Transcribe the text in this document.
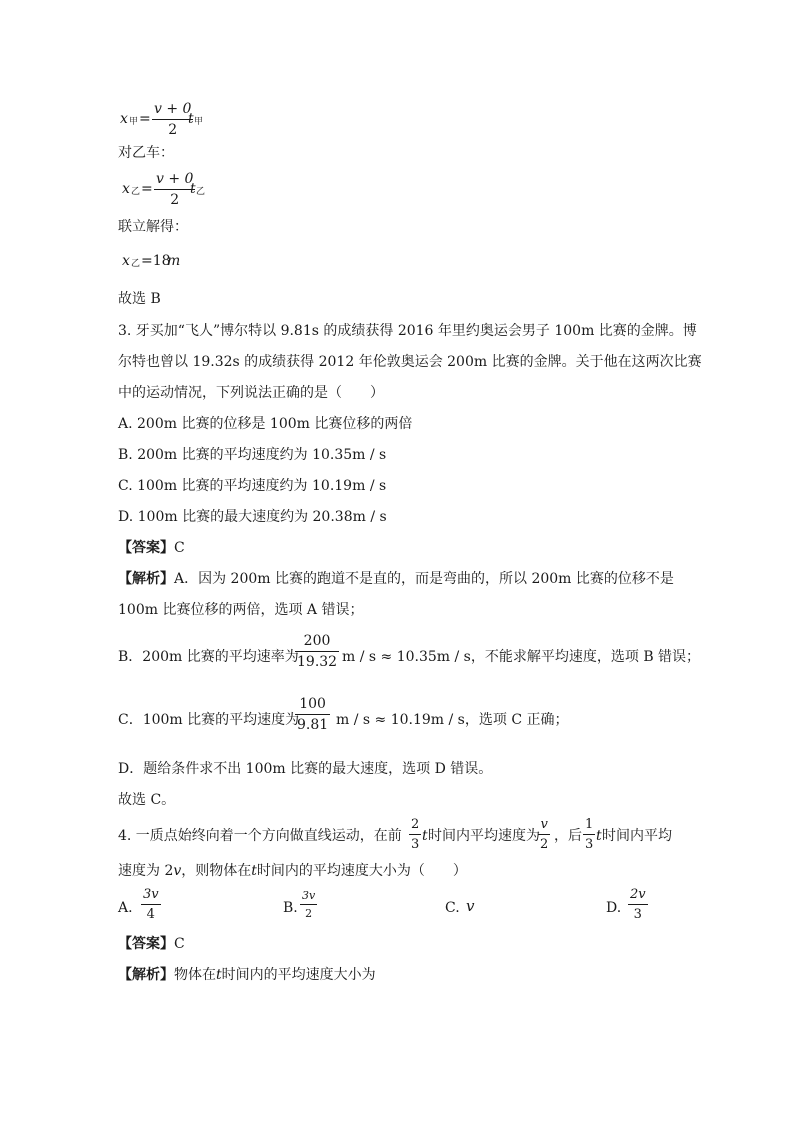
x 甲 =
v + 0
2
t 甲
对乙车：
x 乙 =
v + 0
2
t 乙
联立解得：
x 乙 =18
m
故选 B
3. 牙买加“飞人”博尔特以 9.81s 的成绩获得 2016 年里约奥运会男子 100m 比赛的金牌。博
尔特也曾以 19.32s 的成绩获得 2012 年伦敦奥运会 200m 比赛的金牌。关于他在这两次比赛
中的运动情况，下列说法正确的是（　　）
A. 200m 比赛的位移是 100m 比赛位移的两倍
B. 200m 比赛的平均速度约为 10.35m / s
C. 100m 比赛的平均速度约为 10.19m / s
D. 100m 比赛的最大速度约为 20.38m / s
【答案】C
【解析】A．因为 200m 比赛的跑道不是直的，而是弯曲的，所以 200m 比赛的位移不是
100m 比赛位移的两倍，选项 A 错误；
B．200m 比赛的平均速率为
200
19.32 m / s ≈ 10.35m / s，不能求解平均速度，选项 B 错误；
C．100m 比赛的平均速度为
100
9.81 m / s ≈ 10.19m / s，选项 C 正确；
D．题给条件求不出 100m 比赛的最大速度，选项 D 错误。
故选 C。
4. 一质点始终向着一个方向做直线运动，在前
2
3
t 时间内平均速度为
v
2
，后
1
3
t 时间内平均
速度为 2v，则物体在t时间内的平均速度大小为（　　）
A.
3v
4	B.
3v
2	C. v	D.
2v
3
【答案】C
【解析】物体在t时间内的平均速度大小为
